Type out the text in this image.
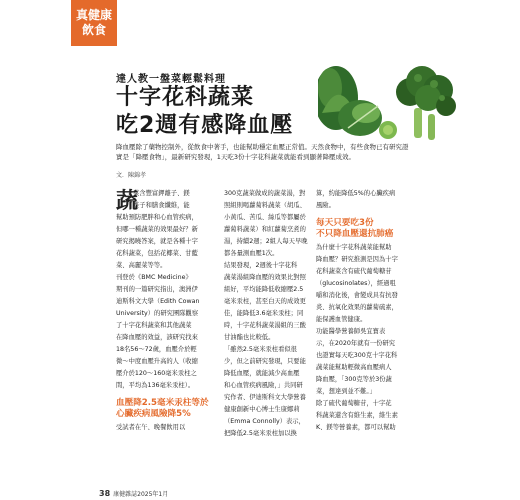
真健康
飲食
達人教一盤菜輕鬆料理
十字花科蔬菜
吃2週有感降血壓
降血壓除了藥物控制外，從飲食中著手，也能幫助穩定血壓正常值。天然食物中，有些食物已有研究證
實是「降壓食物」，最新研究發現，1天吃3份十字花科蔬菜就能看到顯著降壓成效。
文．陳錦孝
蔬
菜含豐富鉀離子、鎂
離子和膳食纖維，能
幫助預防肥胖和心血管疾病，
但哪一種蔬菜的效果最好？新
研究揭曉答案，就是各種十字
花科蔬菜，包括花椰菜、甘藍
菜、高麗菜等等。
刊登於《BMC Medicine》
期刊的一篇研究指出，澳洲伊
迪斯科文大學（Edith Cowan
University）的研究團隊觀察
了十字花科蔬菜和其他蔬菜
在降血壓的效益，該研究找來
18名56～72歲，血壓介於輕
微～中度血壓升高的人（收縮
壓介於120～160毫米汞柱之
間，平均為136毫米汞柱）。
血壓降2.5毫米汞柱等於
心臟疾病風險降5%
受試者在午、晚餐飲用以
300克蔬菜做成的蔬菜湯，對
照組則喝蘿蔔料蔬菜（胡瓜、
小黃瓜、苦瓜、絲瓜等都屬於
蘿蔔料蔬菜）和紅蘿蔔烹煮的
湯，持續2週；2組人每天早晚
都各量測血壓1次。
結果發現，2週後十字花科
蔬菜湯組降血壓的效果比對照
組好，平均能降低收縮壓2.5
毫米汞柱，甚至白天的成效更
佳，能降低3.6毫米汞柱；同
時，十字花科蔬菜湯組的三酸
甘油酯也比較低。
「雖然2.5毫米汞柱看似很
少，但之前研究發現，只要能
降低血壓，就能減少高血壓
和心血管疾病風險，」共同研
究作者、伊迪斯科文大學營養
健康創新中心博士生康娜莉
（Emma Connolly）表示，
把降低2.5毫米汞柱加以換
算，約能降低5%的心臟疾病
風險。
每天只要吃3份
不只降血壓還抗肺癌
為什麼十字花科蔬菜能幫助
降血壓？研究推測是因為十字
花科蔬菜含有硫代葡萄糖苷
（glucosinolates），經過咀
嚼和消化後，會變成具有抗發
炎、抗氧化效果的蘿蔔硫素，
能保護血管健康。
功能醫學營養師吳宜寶表
示，在2020年就有一份研究
也證實每天吃300克十字花科
蔬菜能幫助輕微高血壓病人
降血壓，「300克等於3份蔬
菜，想達到並不難。」
除了硫代葡萄糖苷，十字花
科蔬菜還含有維生素，維生素
K、鎂等營養素，都可以幫助
38 康健雜誌2025年1月
